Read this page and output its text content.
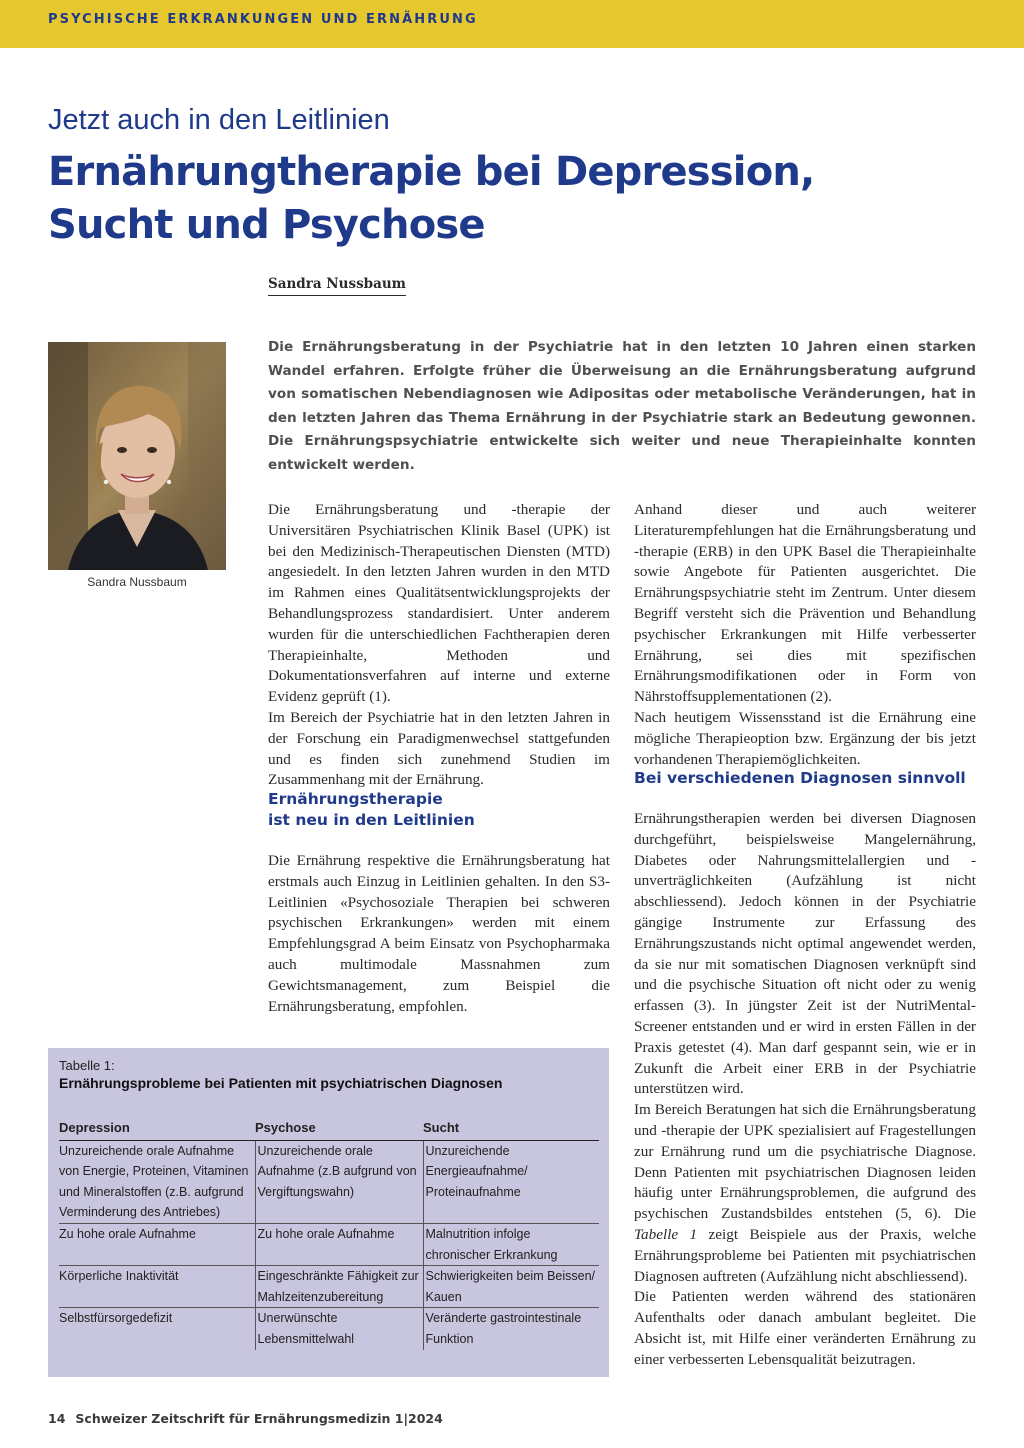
PSYCHISCHE ERKRANKUNGEN UND ERNÄHRUNG
Jetzt auch in den Leitlinien
Ernährungtherapie bei Depression,
Sucht und Psychose
Sandra Nussbaum
Die Ernährungsberatung in der Psychiatrie hat in den letzten 10 Jahren einen starken Wandel erfahren. Erfolgte früher die Überweisung an die Ernährungsberatung aufgrund von somatischen Nebendiagnosen wie Adipositas oder metabolische Veränderungen, hat in den letzten Jahren das Thema Ernährung in der Psychiatrie stark an Bedeutung gewonnen. Die Ernährungspsychiatrie entwickelte sich weiter und neue Therapieinhalte konnten entwickelt werden.
Sandra Nussbaum

Die Ernährungsberatung und -therapie der Universitären Psychiatrischen Klinik Basel (UPK) ist bei den Medizinisch-Therapeutischen Diensten (MTD) angesiedelt. In den letzten Jahren wurden in den MTD im Rahmen eines Qualitätsentwicklungsprojekts der Behandlungsprozess standardisiert. Unter anderem wurden für die unterschiedlichen Fachtherapien deren Therapieinhalte, Methoden und Dokumentationsverfahren auf interne und externe Evidenz geprüft (1).

Im Bereich der Psychiatrie hat in den letzten Jahren in der Forschung ein Paradigmenwechsel stattgefunden und es finden sich zunehmend Studien im Zusammenhang mit der Ernährung.

Ernährungstherapie
ist neu in den Leitlinien

Die Ernährung respektive die Ernährungsberatung hat erstmals auch Einzug in Leitlinien gehalten. In den S3-Leitlinien «Psychosoziale Therapien bei schweren psychischen Erkrankungen» werden mit einem Empfehlungsgrad A beim Einsatz von Psychopharmaka auch multimodale Massnahmen zum Gewichtsmanagement, zum Beispiel die Ernährungsberatung, empfohlen.

Anhand dieser und auch weiterer Literaturempfehlungen hat die Ernährungsberatung und -therapie (ERB) in den UPK Basel die Therapieinhalte sowie Angebote für Patienten ausgerichtet. Die Ernährungspsychiatrie steht im Zentrum. Unter diesem Begriff versteht sich die Prävention und Behandlung psychischer Erkrankungen mit Hilfe verbesserter Ernährung, sei dies mit spezifischen Ernährungsmodifikationen oder in Form von Nährstoffsupplementationen (2).

Nach heutigem Wissensstand ist die Ernährung eine mögliche Therapieoption bzw. Ergänzung der bis jetzt vorhandenen Therapiemöglichkeiten.

Bei verschiedenen Diagnosen sinnvoll

Ernährungstherapien werden bei diversen Diagnosen durchgeführt, beispielsweise Mangelernährung, Diabetes oder Nahrungsmittelallergien und -unverträglichkeiten (Aufzählung ist nicht abschliessend). Jedoch können in der Psychiatrie gängige Instrumente zur Erfassung des Ernährungszustands nicht optimal angewendet werden, da sie nur mit somatischen Diagnosen verknüpft sind und die psychische Situation oft nicht oder zu wenig erfassen (3). In jüngster Zeit ist der NutriMental-Screener entstanden und er wird in ersten Fällen in der Praxis getestet (4). Man darf gespannt sein, wie er in Zukunft die Arbeit einer ERB in der Psychiatrie unterstützen wird.

Im Bereich Beratungen hat sich die Ernährungsberatung und -therapie der UPK spezialisiert auf Fragestellungen zur Ernährung rund um die psychiatrische Diagnose. Denn Patienten mit psychiatrischen Diagnosen leiden häufig unter Ernährungsproblemen, die aufgrund des psychischen Zustandsbildes entstehen (5, 6). Die Tabelle 1 zeigt Beispiele aus der Praxis, welche Ernährungsprobleme bei Patienten mit psychiatrischen Diagnosen auftreten (Aufzählung nicht abschliessend).

Die Patienten werden während des stationären Aufenthalts oder danach ambulant begleitet. Die Absicht ist, mit Hilfe einer veränderten Ernährung zu einer verbesserten Lebensqualität beizutragen.

Tabelle 1:
Ernährungsprobleme bei Patienten mit psychiatrischen Diagnosen
Depression	Psychose	Sucht
Unzureichende orale Aufnahme von Energie, Proteinen, Vitaminen und Mineralstoffen (z.B. aufgrund Verminderung des Antriebes)	Unzureichende orale Aufnahme (z.B aufgrund von Vergiftungswahn)	Unzureichende Energieaufnahme/ Proteinaufnahme
Zu hohe orale Aufnahme	Zu hohe orale Aufnahme	Malnutrition infolge chronischer Erkrankung
Körperliche Inaktivität	Eingeschränkte Fähigkeit zur Mahlzeitenzubereitung	Schwierigkeiten beim Beissen/ Kauen
Selbstfürsorgedefizit	Unerwünschte Lebensmittelwahl	Veränderte gastrointestinale Funktion
14 Schweizer Zeitschrift für Ernährungsmedizin 1|2024
